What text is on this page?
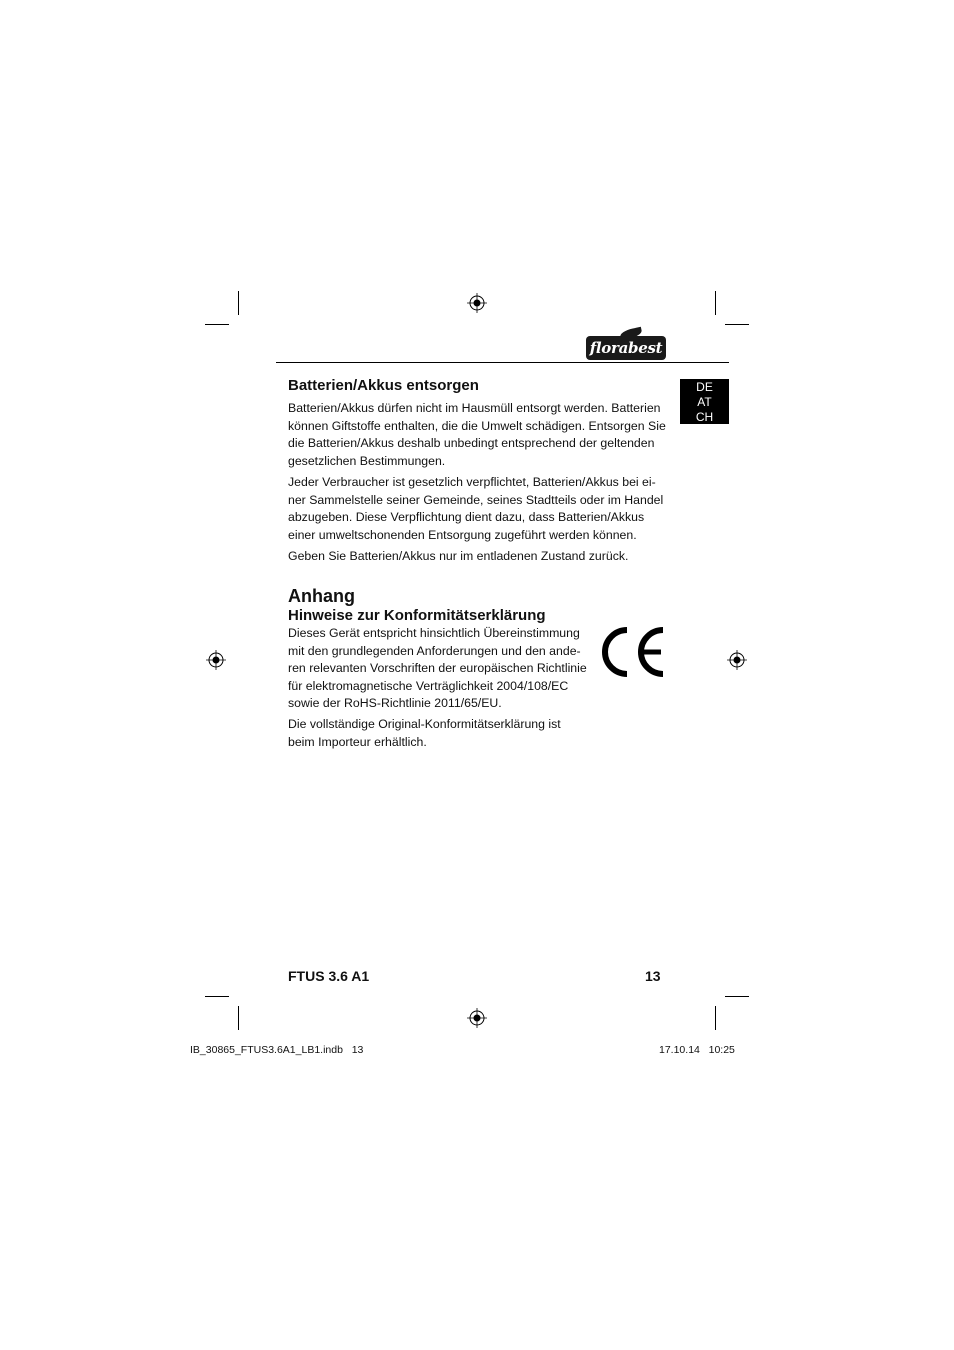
florabest
DE
AT
CH
Batterien/Akkus entsorgen

Batterien/Akkus dürfen nicht im Hausmüll entsorgt werden. Batterien
können Giftstoffe enthalten, die die Umwelt schädigen. Entsorgen Sie
die Batterien/Akkus deshalb unbedingt entsprechend der geltenden
gesetzlichen Bestimmungen.

Jeder Verbraucher ist gesetzlich verpflichtet, Batterien/Akkus bei ei-
ner Sammelstelle seiner Gemeinde, seines Stadtteils oder im Handel
abzugeben. Diese Verpflichtung dient dazu, dass Batterien/Akkus
einer umweltschonenden Entsorgung zugeführt werden können.

Geben Sie Batterien/Akkus nur im entladenen Zustand zurück.

Anhang
Hinweise zur Konformitätserklärung

Dieses Gerät entspricht hinsichtlich Übereinstimmung
mit den grundlegenden Anforderungen und den ande-
ren relevanten Vorschriften der europäischen Richtlinie
für elektromagnetische Verträglichkeit 2004/108/EC
sowie der RoHS-Richtlinie 2011/65/EU.

Die vollständige Original-Konformitätserklärung ist
beim Importeur erhältlich.

FTUS 3.6 A1	13
IB_30865_FTUS3.6A1_LB1.indb   13	17.10.14   10:25
